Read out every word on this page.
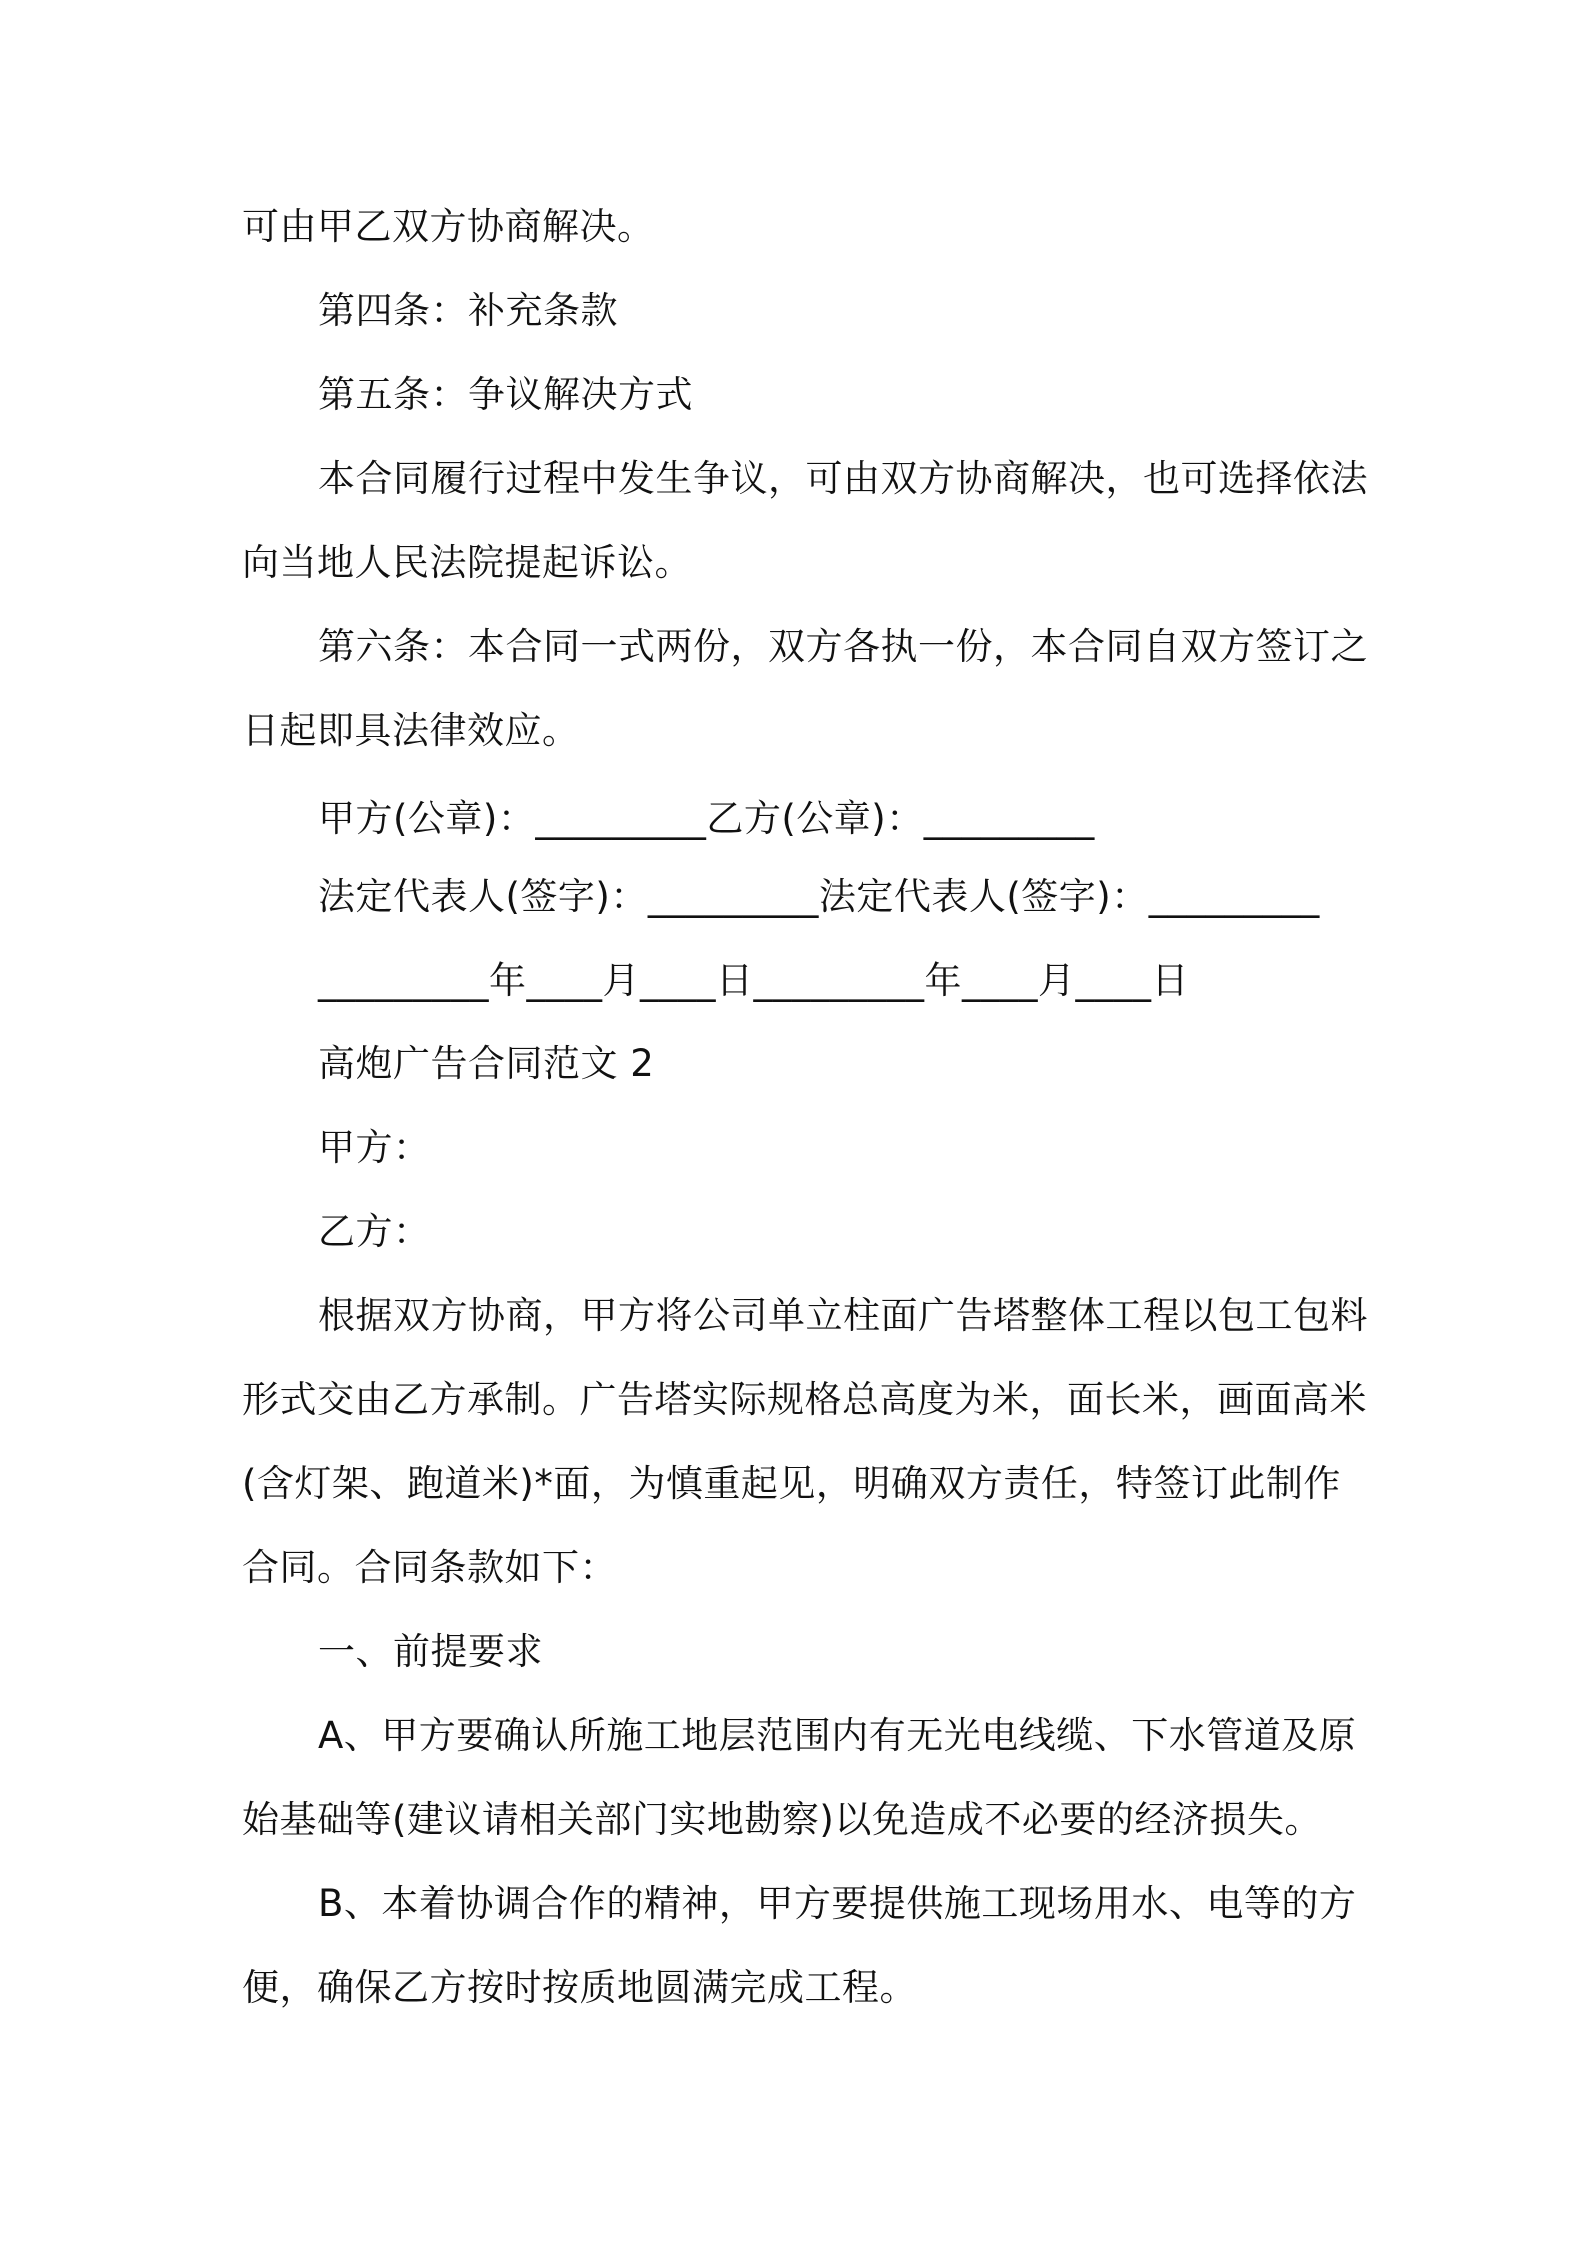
可由甲乙双方协商解决。
第四条：补充条款
第五条：争议解决方式
本合同履行过程中发生争议，可由双方协商解决，也可选择依法
向当地人民法院提起诉讼。
第六条：本合同一式两份，双方各执一份，本合同自双方签订之
日起即具法律效应。
甲方(公章)：_________乙方(公章)：_________
法定代表人(签字)：_________法定代表人(签字)：_________
_________年____月____日_________年____月____日
高炮广告合同范文 2
甲方：
乙方：
根据双方协商，甲方将公司单立柱面广告塔整体工程以包工包料
形式交由乙方承制。广告塔实际规格总高度为米，面长米，画面高米
(含灯架、跑道米)*面，为慎重起见，明确双方责任，特签订此制作
合同。合同条款如下：
一、前提要求
A、甲方要确认所施工地层范围内有无光电线缆、下水管道及原
始基础等(建议请相关部门实地勘察)以免造成不必要的经济损失。
B、本着协调合作的精神，甲方要提供施工现场用水、电等的方
便，确保乙方按时按质地圆满完成工程。
